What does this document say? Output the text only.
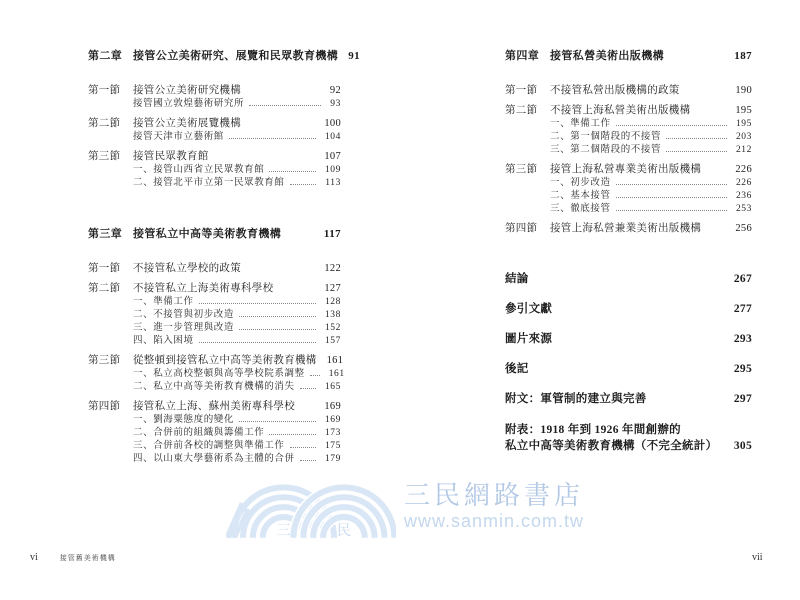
第二章 接管公立美術研究、展覽和民眾教育機構 91
第一節	接管公立美術研究機構	92
接管國立敦煌藝術研究所	93
第二節	接管公立美術展覽機構	100
接管天津市立藝術館	104
第三節	接管民眾教育館	107
一、接管山西省立民眾教育館	109
二、接管北平市立第一民眾教育館	113
第三章 接管私立中高等美術教育機構	117
第一節	不接管私立學校的政策	122
第二節	不接管私立上海美術專科學校	127
一、準備工作	128
二、不接管與初步改造	138
三、進一步管理與改造	152
四、陷入困境	157
第三節	從整頓到接管私立中高等美術教育機構 161
一、私立高校整頓與高等學校院系調整	161
二、私立中高等美術教育機構的消失	165
第四節	接管私立上海、蘇州美術專科學校	169
一、劉海粟態度的變化	169
二、合併前的組織與籌備工作	173
三、合併前各校的調整與準備工作	175
四、以山東大學藝術系為主體的合併	179
第四章 接管私營美術出版機構	187
第一節	不接管私營出版機構的政策	190
第二節	不接管上海私營美術出版機構	195
一、準備工作	195
二、第一個階段的不接管	203
三、第二個階段的不接管	212
第三節	接管上海私營專業美術出版機構	226
一、初步改造	226
二、基本接管	236
三、徹底接管	253
第四節	接管上海私營兼業美術出版機構	256
結論	267
參引文獻	277
圖片來源	293
後記	295
附文：軍管制的建立與完善	297
附表：1918 年到 1926 年間創辦的
私立中高等美術教育機構（不完全統計） 305
三 民
三民網路書店
www.sanmin.com.tw
vi	接管舊美術機構	vii
